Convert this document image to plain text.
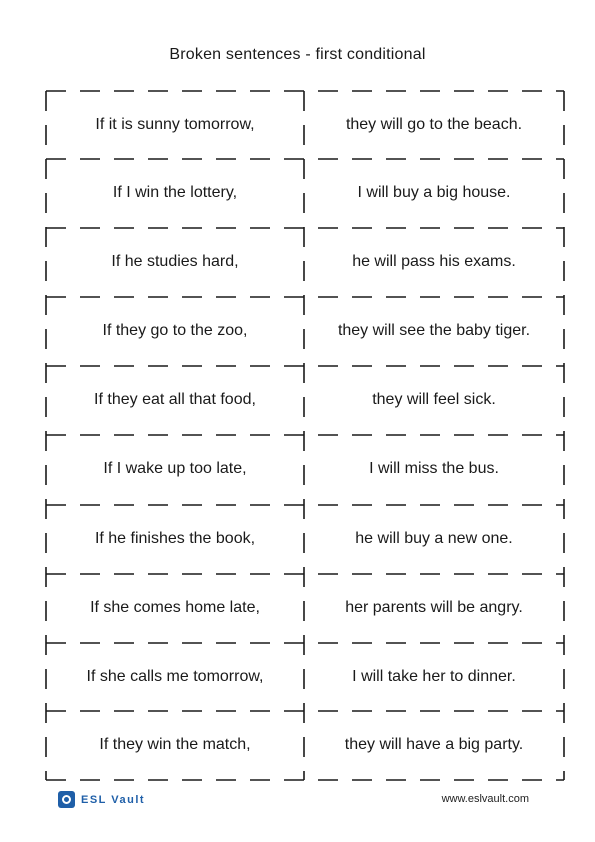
Broken sentences - first conditional
If it is sunny tomorrow,	they will go to the beach.
If I win the lottery,	I will buy a big house.
If he studies hard,	he will pass his exams.
If they go to the zoo,	they will see the baby tiger.
If they eat all that food,	they will feel sick.
If I wake up too late,	I will miss the bus.
If he finishes the book,	he will buy a new one.
If she comes home late,	her parents will be angry.
If she calls me tomorrow,	I will take her to dinner.
If they win the match,	they will have a big party.
ESL Vault	www.eslvault.com
